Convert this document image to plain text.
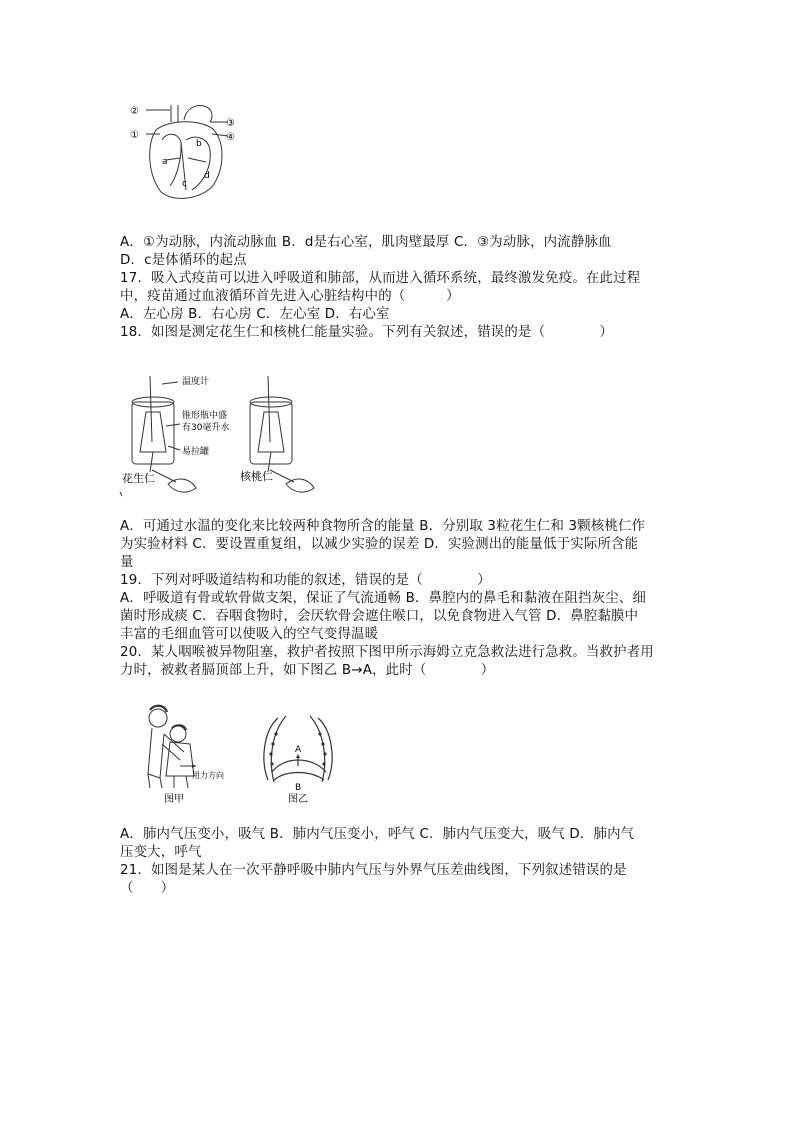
②
①
③
④
a
b
c
d
A．①为动脉，内流动脉血 B．d是右心室，肌肉壁最厚 C．③为动脉，内流静脉血
D．c是体循环的起点
17．吸入式疫苗可以进入呼吸道和肺部，从而进入循环系统，最终激发免疫。在此过程
中，疫苗通过血液循环首先进入心脏结构中的（　　　）
A．左心房 B．右心房 C．左心室 D．右心室
18．如图是测定花生仁和核桃仁能量实验。下列有关叙述，错误的是（　　　　）
温度计
锥形瓶中盛
有30毫升水
易拉罐
花生仁	核桃仁
A．可通过水温的变化来比较两种食物所含的能量 B．分别取 3粒花生仁和 3颗核桃仁作
为实验材料 C．要设置重复组，以减少实验的误差 D．实验测出的能量低于实际所含能
量
19．下列对呼吸道结构和功能的叙述，错误的是（　　　　）
A．呼吸道有骨或软骨做支架，保证了气流通畅 B．鼻腔内的鼻毛和黏液在阻挡灰尘、细
菌时形成痰 C．吞咽食物时，会厌软骨会遮住喉口，以免食物进入气管 D．鼻腔黏膜中
丰富的毛细血管可以使吸入的空气变得温暖
20．某人咽喉被异物阻塞，救护者按照下图甲所示海姆立克急救法进行急救。当救护者用
力时，被救者膈顶部上升，如下图乙 B→A，此时（　　　　）
用力方向
图甲
A
B
图乙
A．肺内气压变小，吸气 B．肺内气压变小，呼气 C．肺内气压变大，吸气 D．肺内气
压变大，呼气
21．如图是某人在一次平静呼吸中肺内气压与外界气压差曲线图，下列叙述错误的是
（　　）
